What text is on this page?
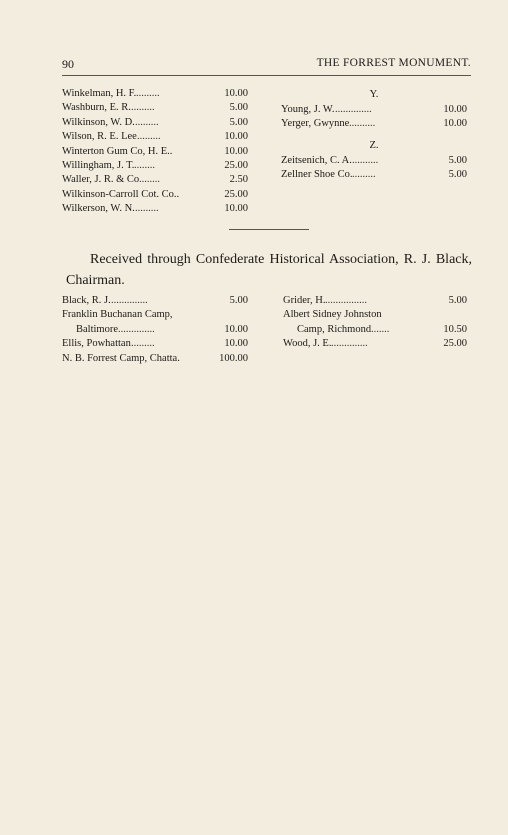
90	THE FORREST MONUMENT.
Winkelman, H. F. .........	10.00
Washburn, E. R. .........	5.00
Wilkinson, W. D. .........	5.00
Wilson, R. E. Lee .........	10.00
Winterton Gum Co, H. E..	10.00
Willingham, J. T. ........	25.00
Waller, J. R. & Co ........	2.50
Wilkinson-Carroll Cot. Co..	25.00
Wilkerson, W. N. .........	10.00
Y.
Young, J. W. ..............	10.00
Yerger, Gwynne ..........	10.00
Z.
Zeitsenich, C. A. ..........	5.00
Zellner Shoe Co. .........	5.00
Received through Confederate Historical Association, R. J. Black, Chairman.
Black, R. J. ..............	5.00
Franklin Buchanan Camp,
Baltimore ..............	10.00
Ellis, Powhattan .........	10.00
N. B. Forrest Camp, Chatta.	100.00
Grider, H. ................	5.00
Albert Sidney Johnston
Camp, Richmond .......	10.50
Wood, J. E. ..............	25.00
